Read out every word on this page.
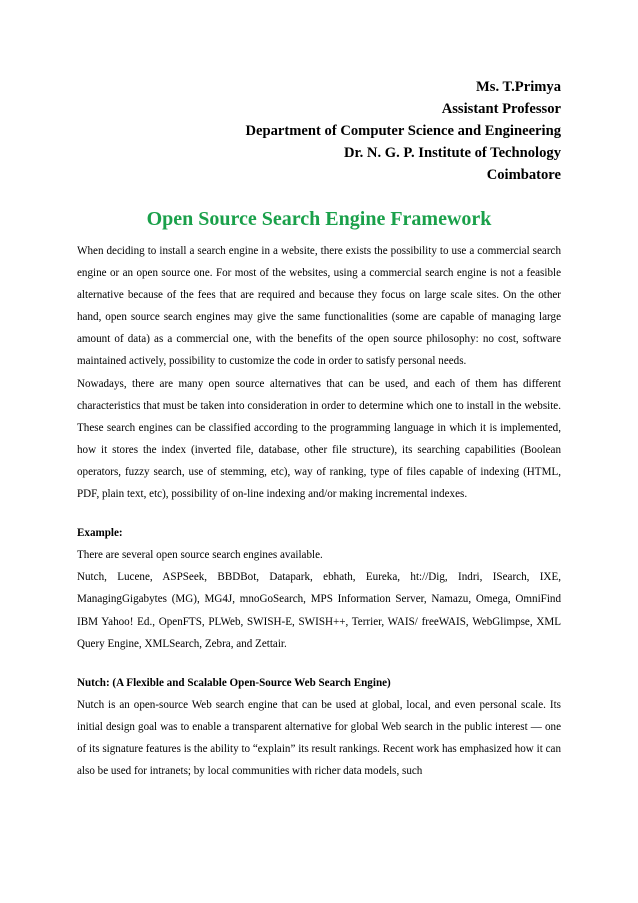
Ms. T.Primya
Assistant Professor
Department of Computer Science and Engineering
Dr. N. G. P. Institute of Technology
Coimbatore
Open Source Search Engine Framework

When deciding to install a search engine in a website, there exists the possibility to use a commercial search engine or an open source one. For most of the websites, using a commercial search engine is not a feasible alternative because of the fees that are required and because they focus on large scale sites. On the other hand, open source search engines may give the same functionalities (some are capable of managing large amount of data) as a commercial one, with the benefits of the open source philosophy: no cost, software maintained actively, possibility to customize the code in order to satisfy personal needs.

Nowadays, there are many open source alternatives that can be used, and each of them has different characteristics that must be taken into consideration in order to determine which one to install in the website. These search engines can be classified according to the programming language in which it is implemented, how it stores the index (inverted file, database, other file structure), its searching capabilities (Boolean operators, fuzzy search, use of stemming, etc), way of ranking, type of files capable of indexing (HTML, PDF, plain text, etc), possibility of on-line indexing and/or making incremental indexes.

Example:

There are several open source search engines available.

Nutch, Lucene, ASPSeek, BBDBot, Datapark, ebhath, Eureka, ht://Dig, Indri, ISearch, IXE, ManagingGigabytes (MG), MG4J, mnoGoSearch, MPS Information Server, Namazu, Omega, OmniFind IBM Yahoo! Ed., OpenFTS, PLWeb, SWISH-E, SWISH++, Terrier, WAIS/ freeWAIS, WebGlimpse, XML Query Engine, XMLSearch, Zebra, and Zettair.

Nutch: (A Flexible and Scalable Open-Source Web Search Engine)

Nutch is an open-source Web search engine that can be used at global, local, and even personal scale. Its initial design goal was to enable a transparent alternative for global Web search in the public interest — one of its signature features is the ability to “explain” its result rankings. Recent work has emphasized how it can also be used for intranets; by local communities with richer data models, such
